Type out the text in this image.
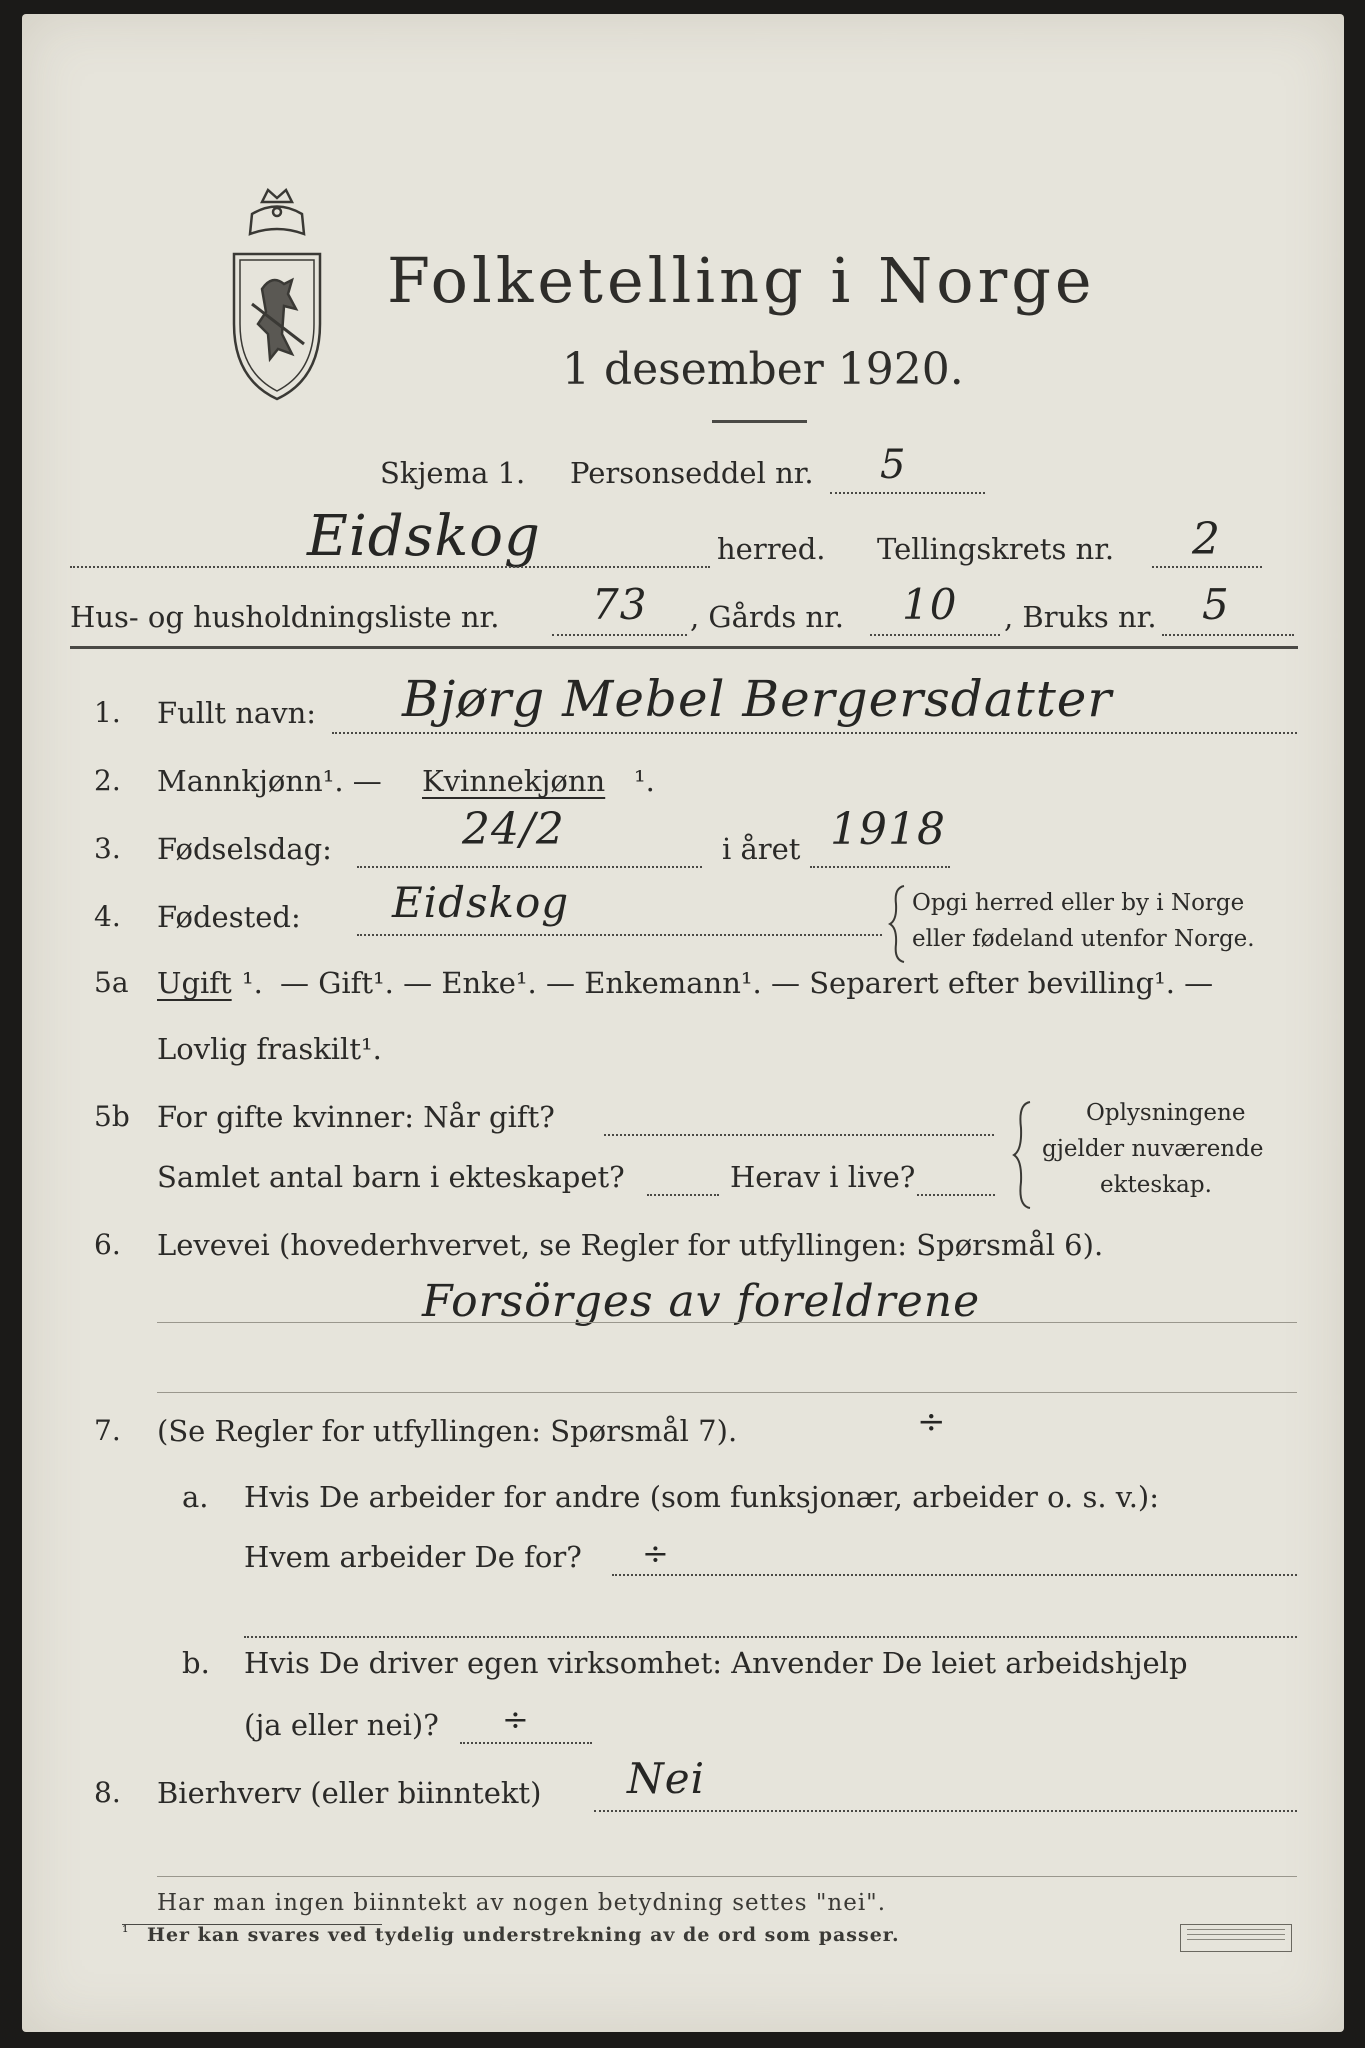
Folketelling i Norge
1 desember 1920.
Skjema 1. Personseddel nr. 5
Eidskog	herred. Tellingskrets nr. 2
Hus- og husholdningsliste nr. 73 , Gårds nr. 10 , Bruks nr. 5
1. Fullt navn: Bjørg Mebel Bergersdatter
2. Mannkjønn¹. — Kvinnekjønn ¹.
3. Fødselsdag:	24/2	i året 1918
4. Fødested: Eidskog	Opgi herred eller by i Norge
eller fødeland utenfor Norge.
5a Ugift ¹. — Gift¹. — Enke¹. — Enkemann¹. — Separert efter bevilling¹. —
Lovlig fraskilt¹.
5b For gifte kvinner: Når gift?
Samlet antal barn i ekteskapet?	Herav i live?
Oplysningene
gjelder nuværende
ekteskap.
6. Levevei (hovederhvervet, se Regler for utfyllingen: Spørsmål 6).
Forsörges av foreldrene
7. (Se Regler for utfyllingen: Spørsmål 7).	÷
a. Hvis De arbeider for andre (som funksjonær, arbeider o. s. v.):
Hvem arbeider De for? ÷
b. Hvis De driver egen virksomhet: Anvender De leiet arbeidshjelp
(ja eller nei)? ÷
8. Bierhverv (eller biinntekt) Nei
Har man ingen biinntekt av nogen betydning settes "nei".
¹ Her kan svares ved tydelig understrekning av de ord som passer.
